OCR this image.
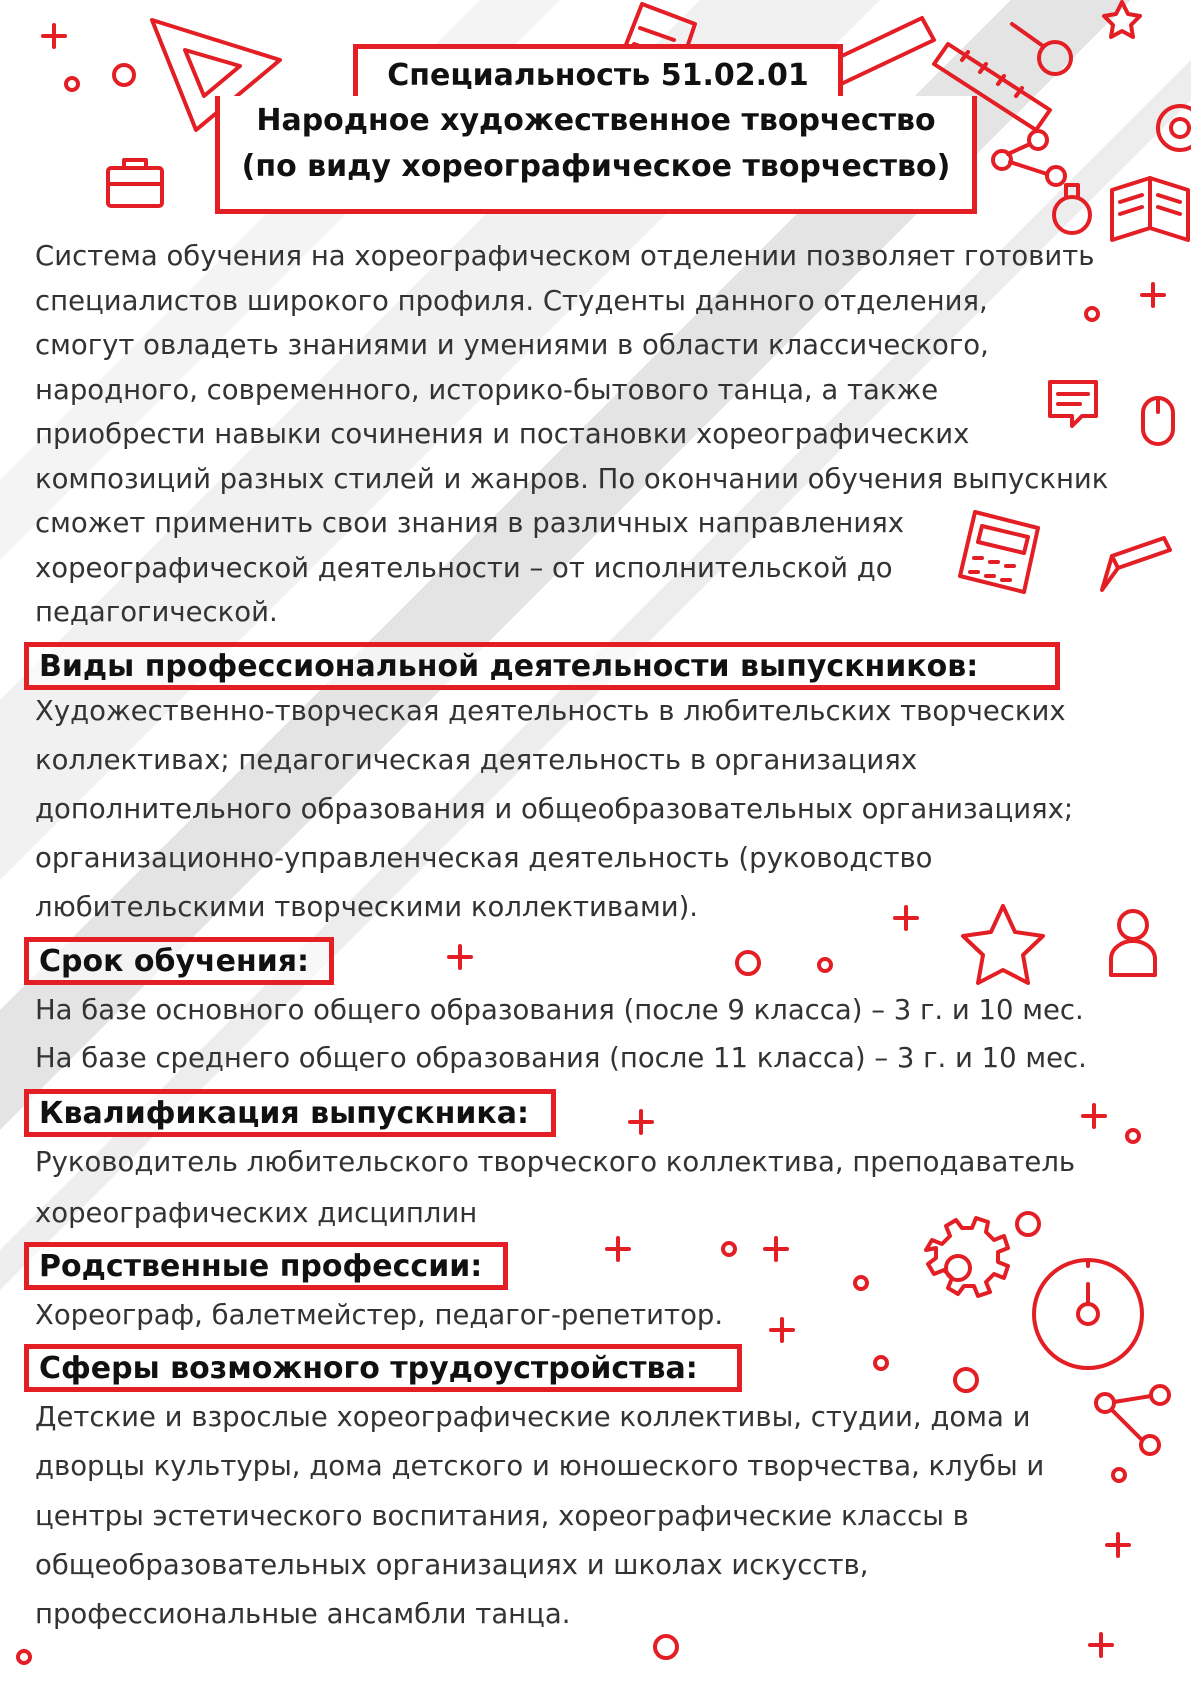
Специальность 51.02.01
Народное художественное творчество
(по виду хореографическое творчество)
Система обучения на хореографическом отделении позволяет готовить
специалистов широкого профиля. Студенты данного отделения,
смогут овладеть знаниями и умениями в области классического,
народного, современного, историко-бытового танца, а также
приобрести навыки сочинения и постановки хореографических
композиций разных стилей и жанров. По окончании обучения выпускник
сможет применить свои знания в различных направлениях
хореографической деятельности – от исполнительской до
педагогической.
Виды профессиональной деятельности выпускников:
Художественно-творческая деятельность в любительских творческих
коллективах; педагогическая деятельность в организациях
дополнительного образования и общеобразовательных организациях;
организационно-управленческая деятельность (руководство
любительскими творческими коллективами).
Срок обучения:
На базе основного общего образования (после 9 класса) – 3 г. и 10 мес.
На базе среднего общего образования (после 11 класса) – 3 г. и 10 мес.
Квалификация выпускника:
Руководитель любительского творческого коллектива, преподаватель
хореографических дисциплин
Родственные профессии:
Хореограф, балетмейстер, педагог-репетитор.
Сферы возможного трудоустройства:
Детские и взрослые хореографические коллективы, студии, дома и
дворцы культуры, дома детского и юношеского творчества, клубы и
центры эстетического воспитания, хореографические классы в
общеобразовательных организациях и школах искусств,
профессиональные ансамбли танца.
